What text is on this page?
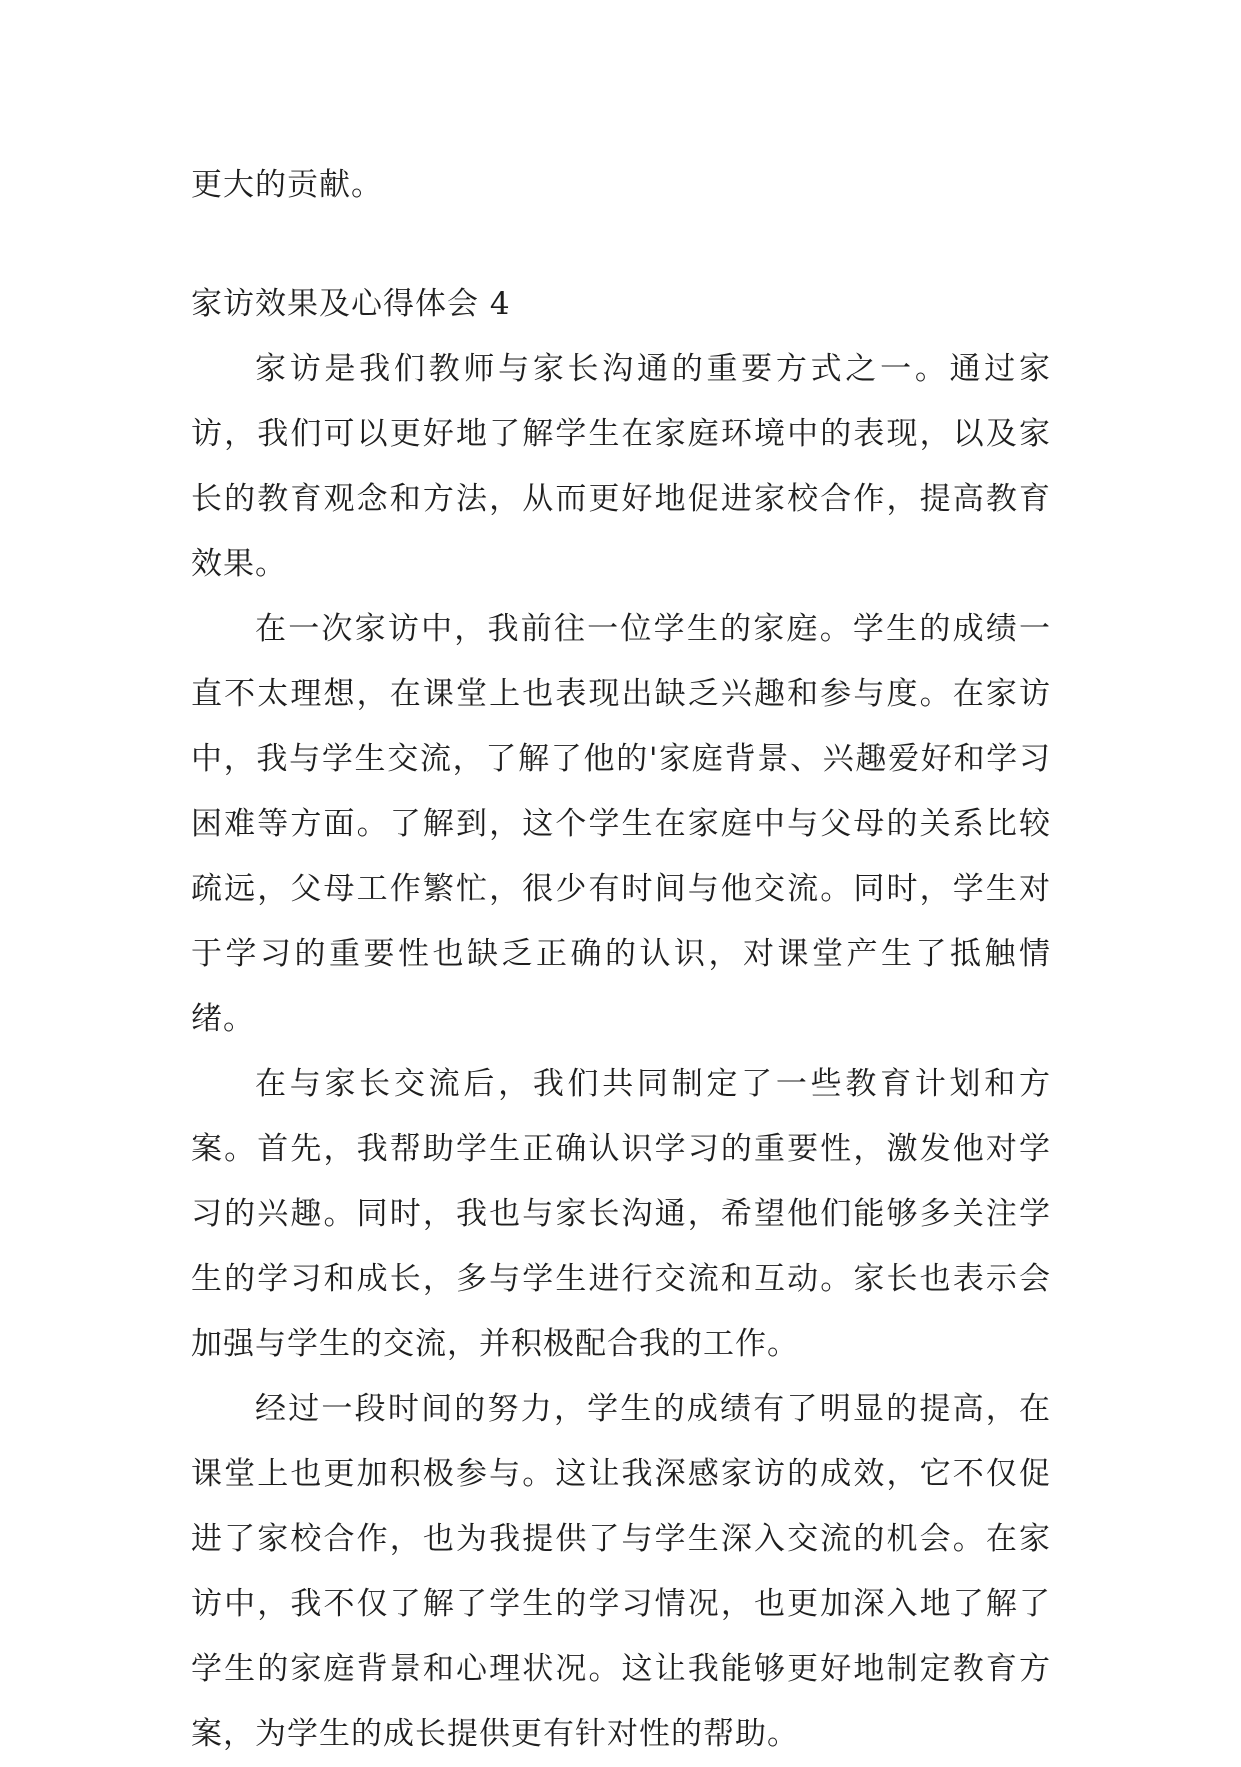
更大的贡献。

家访效果及心得体会 4

家访是我们教师与家长沟通的重要方式之一。通过家访，我们可以更好地了解学生在家庭环境中的表现，以及家长的教育观念和方法，从而更好地促进家校合作，提高教育效果。

在一次家访中，我前往一位学生的家庭。学生的成绩一直不太理想，在课堂上也表现出缺乏兴趣和参与度。在家访中，我与学生交流，了解了他的'家庭背景、兴趣爱好和学习困难等方面。了解到，这个学生在家庭中与父母的关系比较疏远，父母工作繁忙，很少有时间与他交流。同时，学生对于学习的重要性也缺乏正确的认识，对课堂产生了抵触情绪。

在与家长交流后，我们共同制定了一些教育计划和方案。首先，我帮助学生正确认识学习的重要性，激发他对学习的兴趣。同时，我也与家长沟通，希望他们能够多关注学生的学习和成长，多与学生进行交流和互动。家长也表示会加强与学生的交流，并积极配合我的工作。

经过一段时间的努力，学生的成绩有了明显的提高，在课堂上也更加积极参与。这让我深感家访的成效，它不仅促进了家校合作，也为我提供了与学生深入交流的机会。在家访中，我不仅了解了学生的学习情况，也更加深入地了解了学生的家庭背景和心理状况。这让我能够更好地制定教育方案，为学生的成长提供更有针对性的帮助。
